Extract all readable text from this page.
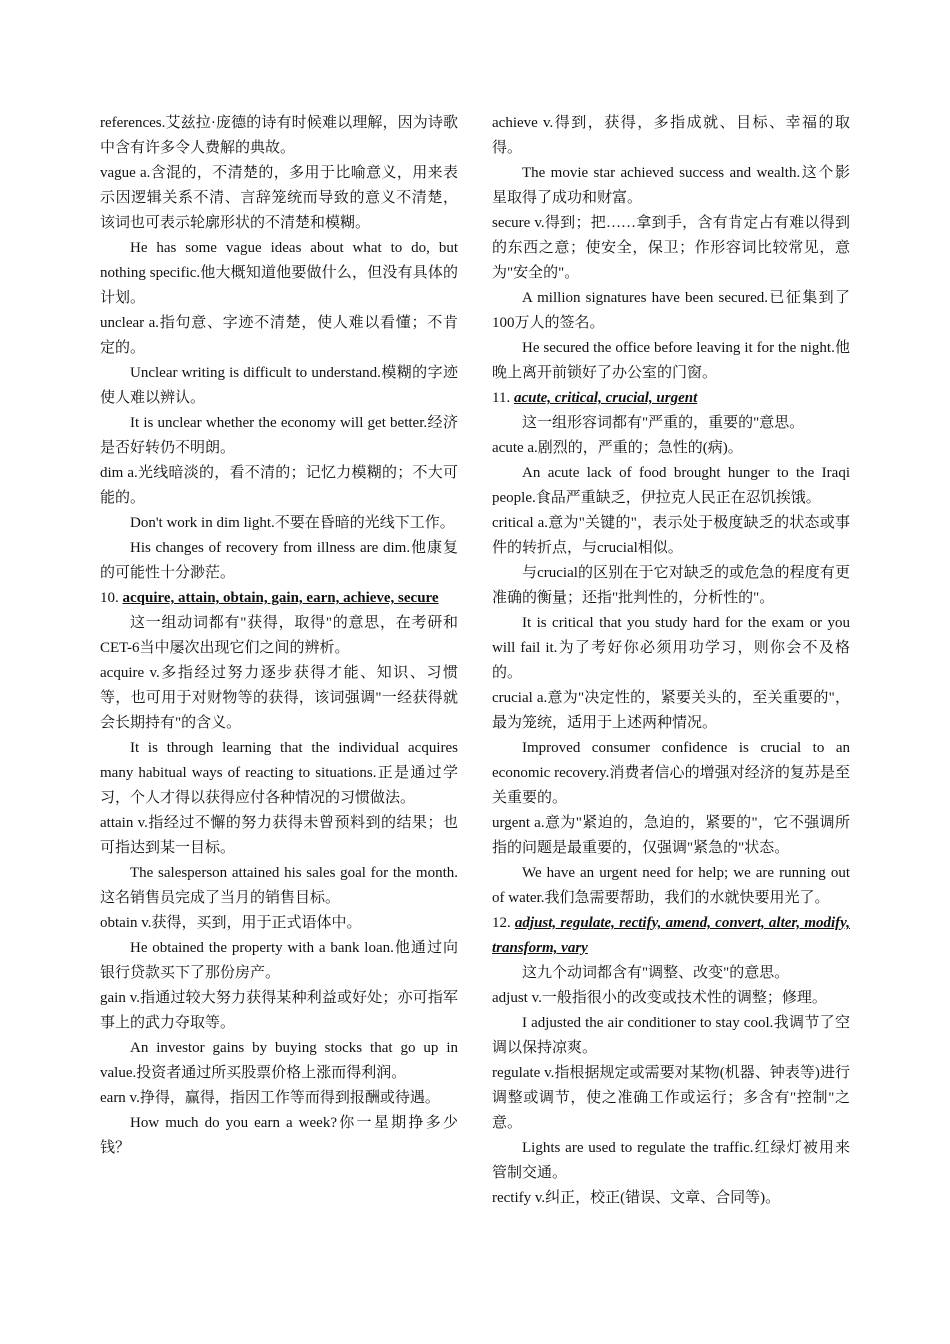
references.艾兹拉·庞德的诗有时候难以理解，因为诗歌中含有许多令人费解的典故。

vague a.含混的，不清楚的，多用于比喻意义，用来表示因逻辑关系不清、言辞笼统而导致的意义不清楚，该词也可表示轮廓形状的不清楚和模糊。

He has some vague ideas about what to do, but nothing specific.他大概知道他要做什么，但没有具体的计划。

unclear a.指句意、字迹不清楚，使人难以看懂；不肯定的。

Unclear writing is difficult to understand.模糊的字迹使人难以辨认。

It is unclear whether the economy will get better.经济是否好转仍不明朗。

dim a.光线暗淡的，看不清的；记忆力模糊的；不大可能的。

Don't work in dim light.不要在昏暗的光线下工作。

His changes of recovery from illness are dim.他康复的可能性十分渺茫。

10. acquire, attain, obtain, gain, earn, achieve, secure

这一组动词都有"获得，取得"的意思，在考研和CET-6当中屡次出现它们之间的辨析。

acquire v.多指经过努力逐步获得才能、知识、习惯等，也可用于对财物等的获得，该词强调"一经获得就会长期持有"的含义。

It is through learning that the individual acquires many habitual ways of reacting to situations.正是通过学习，个人才得以获得应付各种情况的习惯做法。

attain v.指经过不懈的努力获得未曾预料到的结果；也可指达到某一目标。

The salesperson attained his sales goal for the month.这名销售员完成了当月的销售目标。

obtain v.获得，买到，用于正式语体中。

He obtained the property with a bank loan.他通过向银行贷款买下了那份房产。

gain v.指通过较大努力获得某种利益或好处；亦可指军事上的武力夺取等。

An investor gains by buying stocks that go up in value.投资者通过所买股票价格上涨而得利润。

earn v.挣得，赢得，指因工作等而得到报酬或待遇。

How much do you earn a week?你一星期挣多少钱？

achieve v.得到，获得，多指成就、目标、幸福的取得。

The movie star achieved success and wealth.这个影星取得了成功和财富。

secure v.得到；把……拿到手，含有肯定占有难以得到的东西之意；使安全，保卫；作形容词比较常见，意为"安全的"。

A million signatures have been secured.已征集到了100万人的签名。

He secured the office before leaving it for the night.他晚上离开前锁好了办公室的门窗。

11. acute, critical, crucial, urgent

这一组形容词都有"严重的，重要的"意思。

acute a.剧烈的，严重的；急性的(病)。

An acute lack of food brought hunger to the Iraqi people.食品严重缺乏，伊拉克人民正在忍饥挨饿。

critical a.意为"关键的"，表示处于极度缺乏的状态或事件的转折点，与crucial相似。

与crucial的区别在于它对缺乏的或危急的程度有更准确的衡量；还指"批判性的，分析性的"。

It is critical that you study hard for the exam or you will fail it.为了考好你必须用功学习，则你会不及格的。

crucial a.意为"决定性的，紧要关头的，至关重要的"，最为笼统，适用于上述两种情况。

Improved consumer confidence is crucial to an economic recovery.消费者信心的增强对经济的复苏是至关重要的。

urgent a.意为"紧迫的，急迫的，紧要的"，它不强调所指的问题是最重要的，仅强调"紧急的"状态。

We have an urgent need for help; we are running out of water.我们急需要帮助，我们的水就快要用光了。

12. adjust, regulate, rectify, amend, convert, alter, modify, transform, vary

这九个动词都含有"调整、改变"的意思。

adjust v.一般指很小的改变或技术性的调整；修理。

I adjusted the air conditioner to stay cool.我调节了空调以保持凉爽。

regulate v.指根据规定或需要对某物(机器、钟表等)进行调整或调节，使之准确工作或运行；多含有"控制"之意。

Lights are used to regulate the traffic.红绿灯被用来管制交通。

rectify v.纠正，校正(错误、文章、合同等)。
